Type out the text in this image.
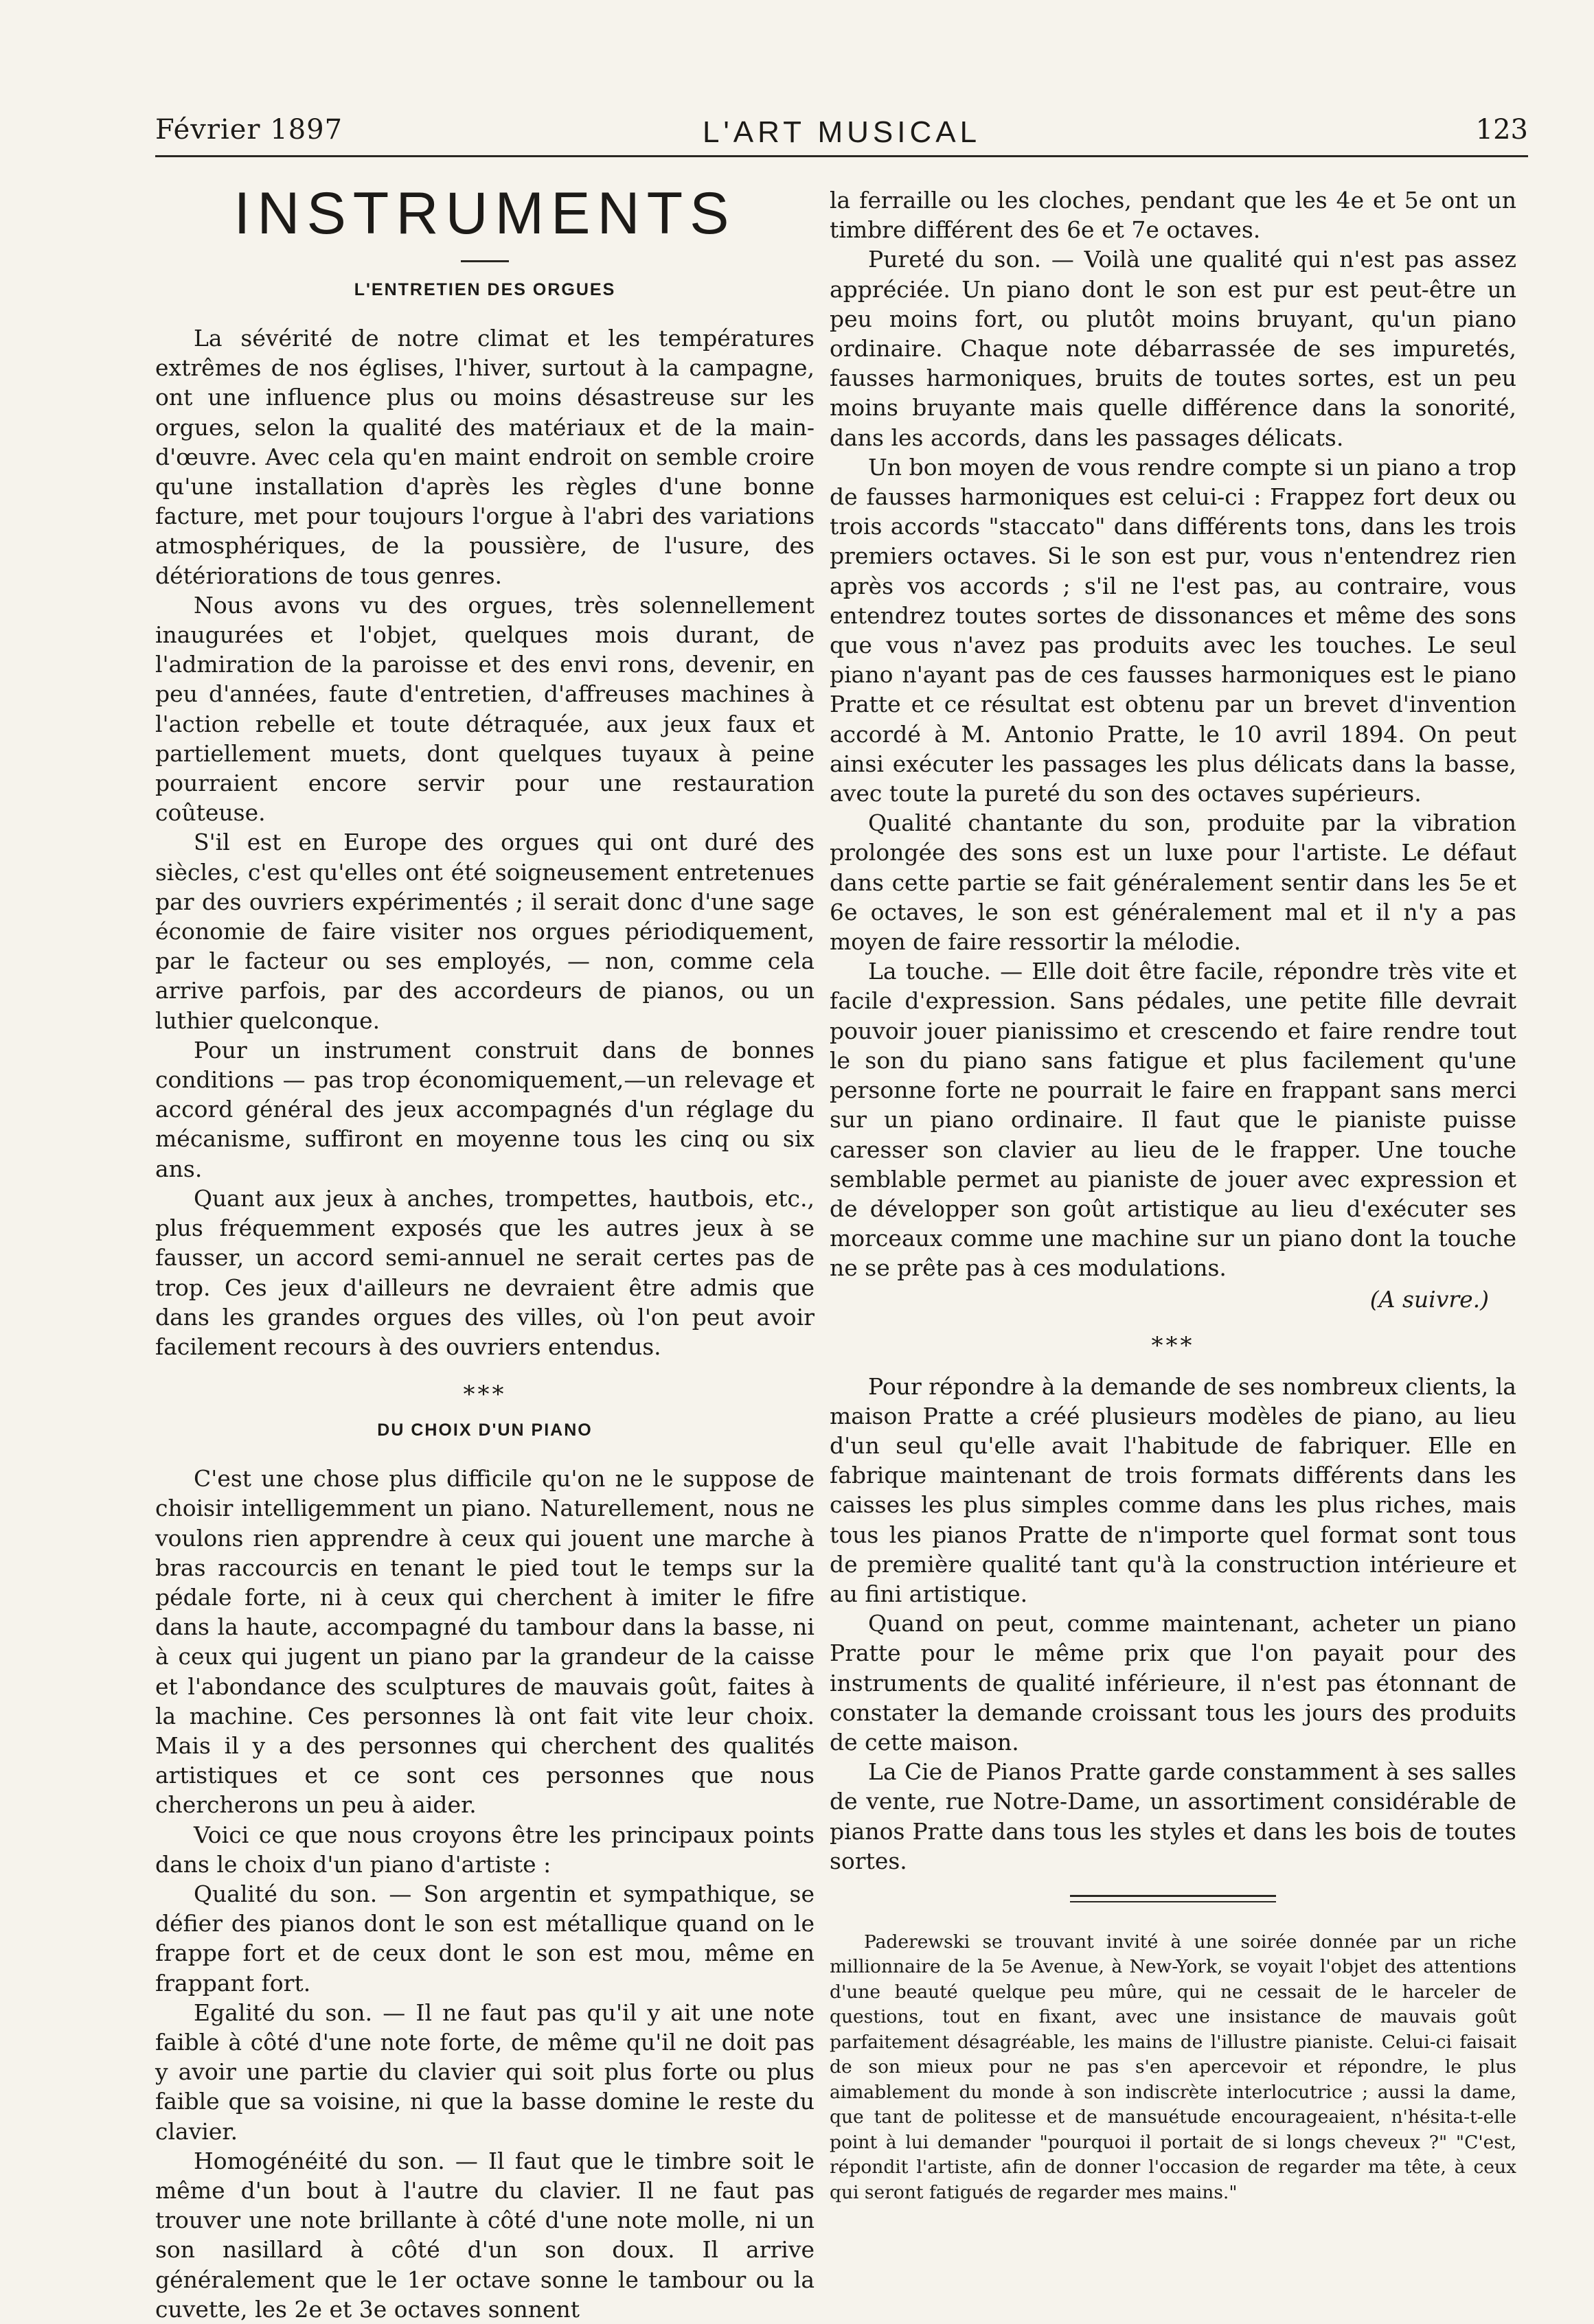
Février 1897	L'ART MUSICAL	123
INSTRUMENTS
L'ENTRETIEN DES ORGUES

La sévérité de notre climat et les températures extrêmes de nos églises, l'hiver, surtout à la campagne, ont une influence plus ou moins désastreuse sur les orgues, selon la qualité des matériaux et de la main-d'œuvre. Avec cela qu'en maint endroit on semble croire qu'une installation d'après les règles d'une bonne facture, met pour toujours l'orgue à l'abri des variations atmosphériques, de la poussière, de l'usure, des détériorations de tous genres.

Nous avons vu des orgues, très solennellement inaugurées et l'objet, quelques mois durant, de l'admiration de la paroisse et des envi rons, devenir, en peu d'années, faute d'entretien, d'affreuses machines à l'action rebelle et toute détraquée, aux jeux faux et partiellement muets, dont quelques tuyaux à peine pourraient encore servir pour une restauration coûteuse.

S'il est en Europe des orgues qui ont duré des siècles, c'est qu'elles ont été soigneusement entretenues par des ouvriers expérimentés ; il serait donc d'une sage économie de faire visiter nos orgues périodiquement, par le facteur ou ses employés, — non, comme cela arrive parfois, par des accordeurs de pianos, ou un luthier quelconque.

Pour un instrument construit dans de bonnes conditions — pas trop économiquement,—un relevage et accord général des jeux accompagnés d'un réglage du mécanisme, suffiront en moyenne tous les cinq ou six ans.

Quant aux jeux à anches, trompettes, hautbois, etc., plus fréquemment exposés que les autres jeux à se fausser, un accord semi-annuel ne serait certes pas de trop. Ces jeux d'ailleurs ne devraient être admis que dans les grandes orgues des villes, où l'on peut avoir facilement recours à des ouvriers entendus.

***
DU CHOIX D'UN PIANO

C'est une chose plus difficile qu'on ne le suppose de choisir intelligemment un piano. Naturellement, nous ne voulons rien apprendre à ceux qui jouent une marche à bras raccourcis en tenant le pied tout le temps sur la pédale forte, ni à ceux qui cherchent à imiter le fifre dans la haute, accompagné du tambour dans la basse, ni à ceux qui jugent un piano par la grandeur de la caisse et l'abondance des sculptures de mauvais goût, faites à la machine. Ces personnes là ont fait vite leur choix. Mais il y a des personnes qui cherchent des qualités artistiques et ce sont ces personnes que nous chercherons un peu à aider.

Voici ce que nous croyons être les principaux points dans le choix d'un piano d'artiste :

Qualité du son. — Son argentin et sympathique, se défier des pianos dont le son est métallique quand on le frappe fort et de ceux dont le son est mou, même en frappant fort.

Egalité du son. — Il ne faut pas qu'il y ait une note faible à côté d'une note forte, de même qu'il ne doit pas y avoir une partie du clavier qui soit plus forte ou plus faible que sa voisine, ni que la basse domine le reste du clavier.

Homogénéité du son. — Il faut que le timbre soit le même d'un bout à l'autre du clavier. Il ne faut pas trouver une note brillante à côté d'une note molle, ni un son nasillard à côté d'un son doux. Il arrive généralement que le 1er octave sonne le tambour ou la cuvette, les 2e et 3e octaves sonnent

la ferraille ou les cloches, pendant que les 4e et 5e ont un timbre différent des 6e et 7e octaves.

Pureté du son. — Voilà une qualité qui n'est pas assez appréciée. Un piano dont le son est pur est peut-être un peu moins fort, ou plutôt moins bruyant, qu'un piano ordinaire. Chaque note débarrassée de ses impuretés, fausses harmoniques, bruits de toutes sortes, est un peu moins bruyante mais quelle différence dans la sonorité, dans les accords, dans les passages délicats.

Un bon moyen de vous rendre compte si un piano a trop de fausses harmoniques est celui-ci : Frappez fort deux ou trois accords "staccato" dans différents tons, dans les trois premiers octaves. Si le son est pur, vous n'entendrez rien après vos accords ; s'il ne l'est pas, au contraire, vous entendrez toutes sortes de dissonances et même des sons que vous n'avez pas produits avec les touches. Le seul piano n'ayant pas de ces fausses harmoniques est le piano Pratte et ce résultat est obtenu par un brevet d'invention accordé à M. Antonio Pratte, le 10 avril 1894. On peut ainsi exécuter les passages les plus délicats dans la basse, avec toute la pureté du son des octaves supérieurs.

Qualité chantante du son, produite par la vibration prolongée des sons est un luxe pour l'artiste. Le défaut dans cette partie se fait généralement sentir dans les 5e et 6e octaves, le son est généralement mal et il n'y a pas moyen de faire ressortir la mélodie.

La touche. — Elle doit être facile, répondre très vite et facile d'expression. Sans pédales, une petite fille devrait pouvoir jouer pianissimo et crescendo et faire rendre tout le son du piano sans fatigue et plus facilement qu'une personne forte ne pourrait le faire en frappant sans merci sur un piano ordinaire. Il faut que le pianiste puisse caresser son clavier au lieu de le frapper. Une touche semblable permet au pianiste de jouer avec expression et de développer son goût artistique au lieu d'exécuter ses morceaux comme une machine sur un piano dont la touche ne se prête pas à ces modulations.

(A suivre.)
***

Pour répondre à la demande de ses nombreux clients, la maison Pratte a créé plusieurs modèles de piano, au lieu d'un seul qu'elle avait l'habitude de fabriquer. Elle en fabrique maintenant de trois formats différents dans les caisses les plus simples comme dans les plus riches, mais tous les pianos Pratte de n'importe quel format sont tous de première qualité tant qu'à la construction intérieure et au fini artistique.

Quand on peut, comme maintenant, acheter un piano Pratte pour le même prix que l'on payait pour des instruments de qualité inférieure, il n'est pas étonnant de constater la demande croissant tous les jours des produits de cette maison.

La Cie de Pianos Pratte garde constamment à ses salles de vente, rue Notre-Dame, un assortiment considérable de pianos Pratte dans tous les styles et dans les bois de toutes sortes.

Paderewski se trouvant invité à une soirée donnée par un riche millionnaire de la 5e Avenue, à New-York, se voyait l'objet des attentions d'une beauté quelque peu mûre, qui ne cessait de le harceler de questions, tout en fixant, avec une insistance de mauvais goût parfaitement désagréable, les mains de l'illustre pianiste. Celui-ci faisait de son mieux pour ne pas s'en apercevoir et répondre, le plus aimablement du monde à son indiscrète interlocutrice ; aussi la dame, que tant de politesse et de mansuétude encourageaient, n'hésita-t-elle point à lui demander "pourquoi il portait de si longs cheveux ?" "C'est, répondit l'artiste, afin de donner l'occasion de regarder ma tête, à ceux qui seront fatigués de regarder mes mains."
